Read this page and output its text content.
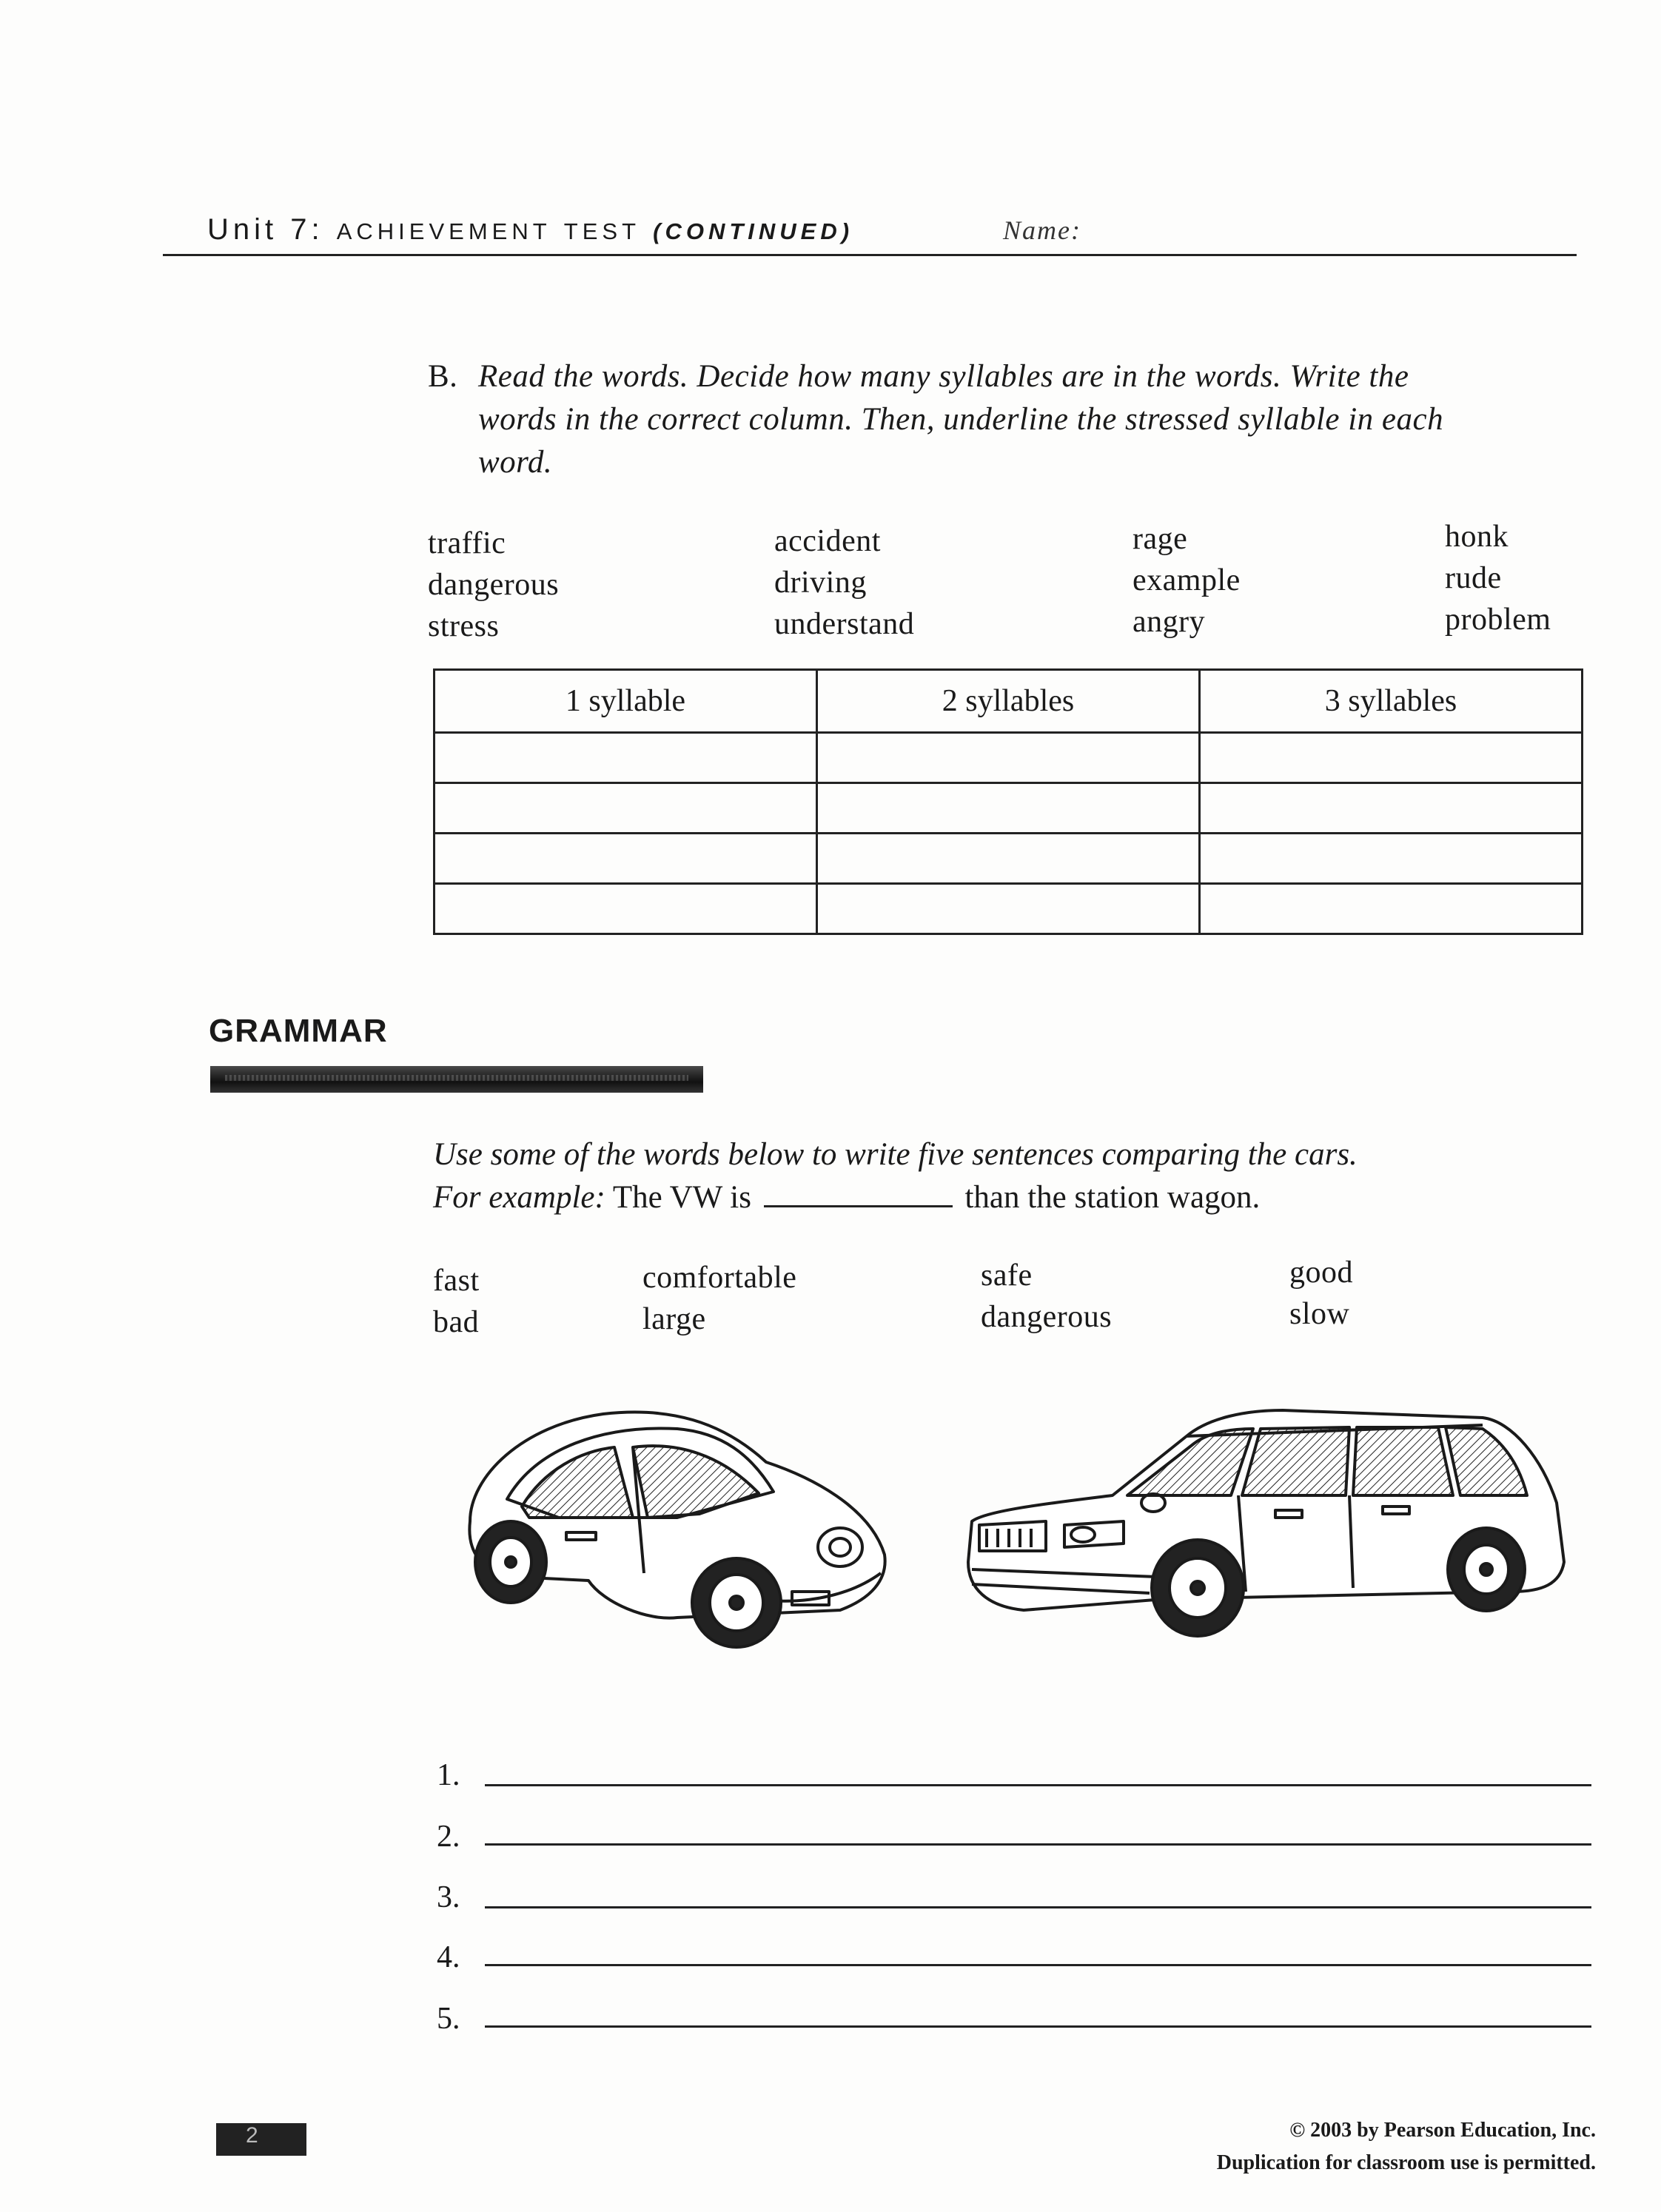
Unit 7: ACHIEVEMENT TEST (CONTINUED)	Name:
B. Read the words. Decide how many syllables are in the words. Write the
words in the correct column. Then, underline the stressed syllable in each
word.
traffic
dangerous
stress
accident
driving
understand
rage
example
angry
honk
rude
problem
1 syllable	2 syllables	3 syllables

GRAMMAR
Use some of the words below to write five sentences comparing the cars.
For example: The VW is	than the station wagon.
fast
bad
comfortable
large
safe
dangerous
good
slow
1.
2.
3.
4.
5.
2	© 2003 by Pearson Education, Inc.
Duplication for classroom use is permitted.
